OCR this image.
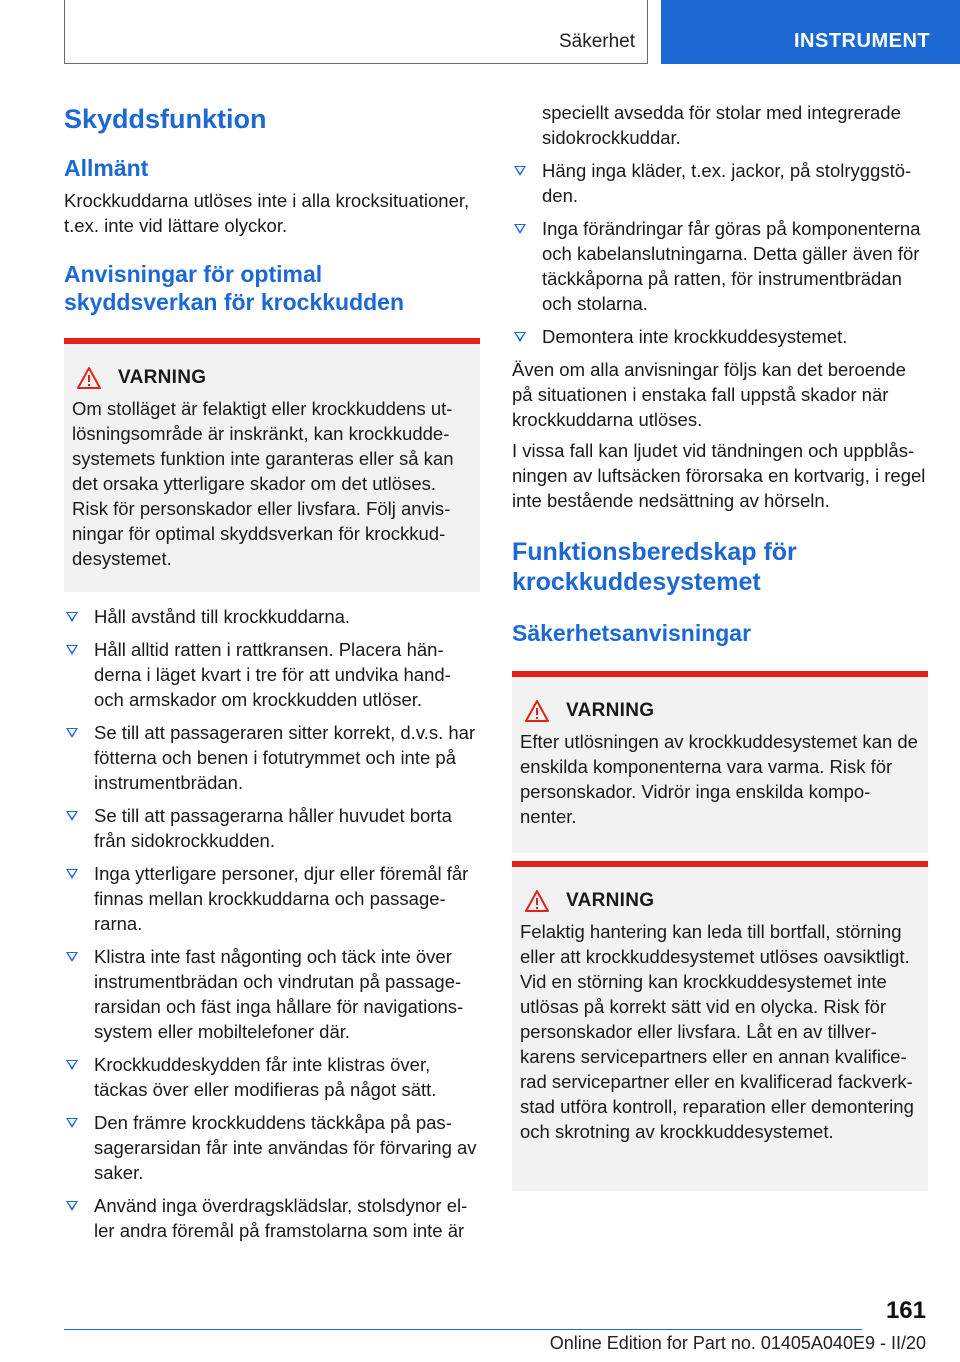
Säkerhet	INSTRUMENT
Skyddsfunktion
Allmänt

Krockkuddarna utlöses inte i alla krocksituationer, t.ex. inte vid lättare olyckor.

Anvisningar för optimal skyddsverkan för krockkudden
VARNING

Om stolläget är felaktigt eller krockkuddens utlösningsområde är inskränkt, kan krockkuddesystemets funktion inte garanteras eller så kan det orsaka ytterligare skador om det utlöses. Risk för personskador eller livsfara. Följ anvisningar för optimal skyddsverkan för krockkuddesystemet.

Håll avstånd till krockkuddarna.
Håll alltid ratten i rattkransen. Placera händerna i läget kvart i tre för att undvika hand- och armskador om krockkudden utlöser.
Se till att passageraren sitter korrekt, d.v.s. har fötterna och benen i fotutrymmet och inte på instrumentbrädan.
Se till att passagerarna håller huvudet borta från sidokrockkudden.
Inga ytterligare personer, djur eller föremål får finnas mellan krockkuddarna och passagerarna.
Klistra inte fast någonting och täck inte över instrumentbrädan och vindrutan på passagerarsidan och fäst inga hållare för navigationssystem eller mobiltelefoner där.
Krockkuddeskydden får inte klistras över, täckas över eller modifieras på något sätt.
Den främre krockkuddens täckkåpa på passagerarsidan får inte användas för förvaring av saker.
Använd inga överdragsklädslar, stolsdynor eller andra föremål på framstolarna som inte är

speciellt avsedda för stolar med integrerade sidokrockkuddar.

Häng inga kläder, t.ex. jackor, på stolryggstöden.
Inga förändringar får göras på komponenterna och kabelanslutningarna. Detta gäller även för täckkåporna på ratten, för instrumentbrädan och stolarna.
Demontera inte krockkuddesystemet.

Även om alla anvisningar följs kan det beroende på situationen i enstaka fall uppstå skador när krockkuddarna utlöses.

I vissa fall kan ljudet vid tändningen och uppblåsningen av luftsäcken förorsaka en kortvarig, i regel inte bestående nedsättning av hörseln.

Funktionsberedskap för krockkuddesystemet
Säkerhetsanvisningar
VARNING

Efter utlösningen av krockkuddesystemet kan de enskilda komponenterna vara varma. Risk för personskador. Vidrör inga enskilda komponenter.

VARNING

Felaktig hantering kan leda till bortfall, störning eller att krockkuddesystemet utlöses oavsiktligt. Vid en störning kan krockkuddesystemet inte utlösas på korrekt sätt vid en olycka. Risk för personskador eller livsfara. Låt en av tillverkarens servicepartners eller en annan kvalificerad servicepartner eller en kvalificerad fackverkstad utföra kontroll, reparation eller demontering och skrotning av krockkuddesystemet.

161
Online Edition for Part no. 01405A040E9 - II/20
